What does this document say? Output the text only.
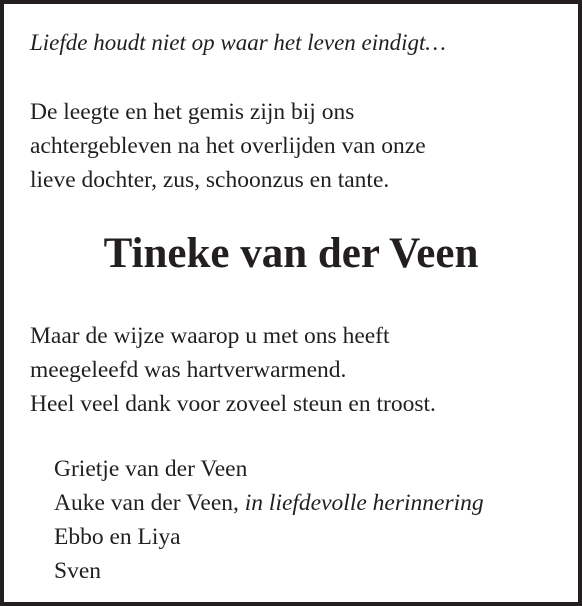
Liefde houdt niet op waar het leven eindigt…

De leegte en het gemis zijn bij ons
achtergebleven na het overlijden van onze
lieve dochter, zus, schoonzus en tante.

Tineke van der Veen

Maar de wijze waarop u met ons heeft
meegeleefd was hartverwarmend.
Heel veel dank voor zoveel steun en troost.

Grietje van der Veen
Auke van der Veen, in liefdevolle herinnering
Ebbo en Liya
Sven
